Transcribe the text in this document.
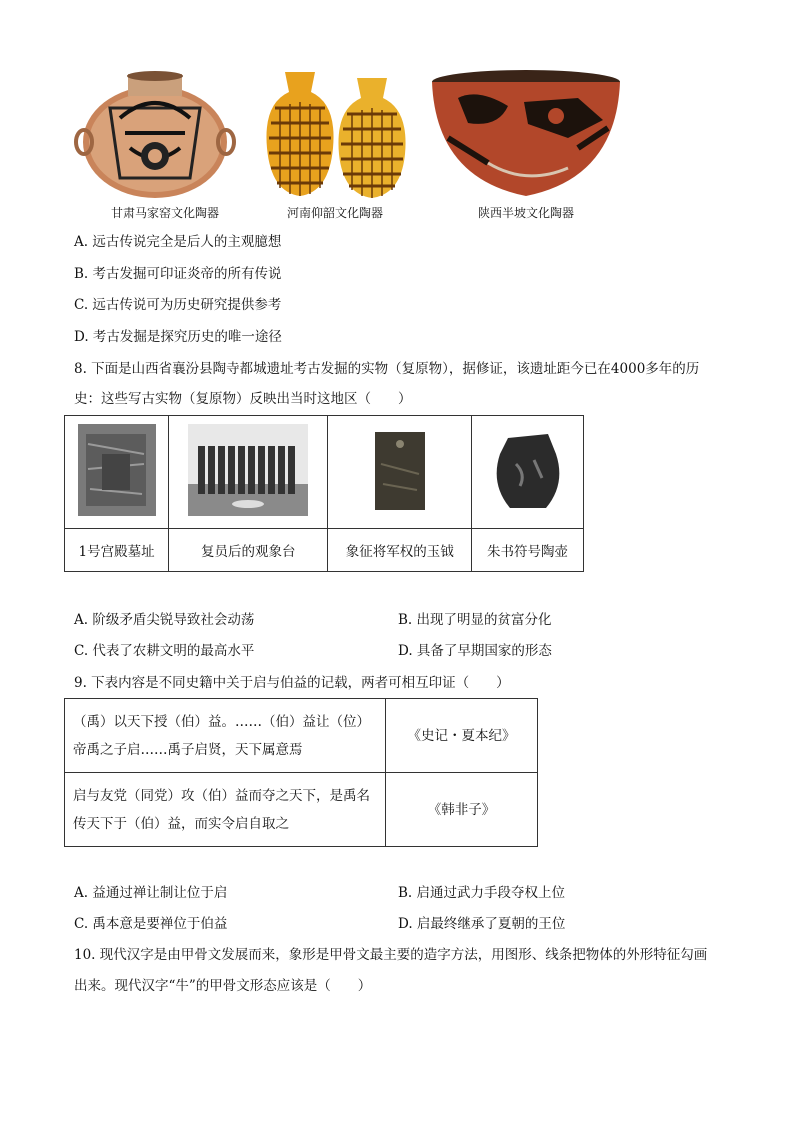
甘肃马家窑文化陶器	河南仰韶文化陶器	陕西半坡文化陶器
A. 远古传说完全是后人的主观臆想
B. 考古发掘可印证炎帝的所有传说
C. 远古传说可为历史研究提供参考
D. 考古发掘是探究历史的唯一途径
8. 下面是山西省襄汾县陶寺都城遗址考古发掘的实物（复原物），据修证，该遗址距今已在4000多年的历
史：这些写古实物（复原物）反映出当时这地区（　　）

1号宫殿墓址	复员后的观象台	象征将军权的玉钺	朱书符号陶壶
A. 阶级矛盾尖锐导致社会动荡	B. 出现了明显的贫富分化
C. 代表了农耕文明的最高水平	D. 具备了早期国家的形态
9. 下表内容是不同史籍中关于启与伯益的记载，两者可相互印证（　　）
（禹）以天下授（伯）益。……（伯）益让（位）
帝禹之子启……禹子启贤，天下属意焉	《史记・夏本纪》

启与友党（同党）攻（伯）益而夺之天下，是禹名
传天下于（伯）益，而实令启自取之	《韩非子》
A. 益通过禅让制让位于启	B. 启通过武力手段夺权上位
C. 禹本意是要禅位于伯益	D. 启最终继承了夏朝的王位
10. 现代汉字是由甲骨文发展而来，象形是甲骨文最主要的造字方法，用图形、线条把物体的外形特征勾画
出来。现代汉字“牛”的甲骨文形态应该是（　　）
